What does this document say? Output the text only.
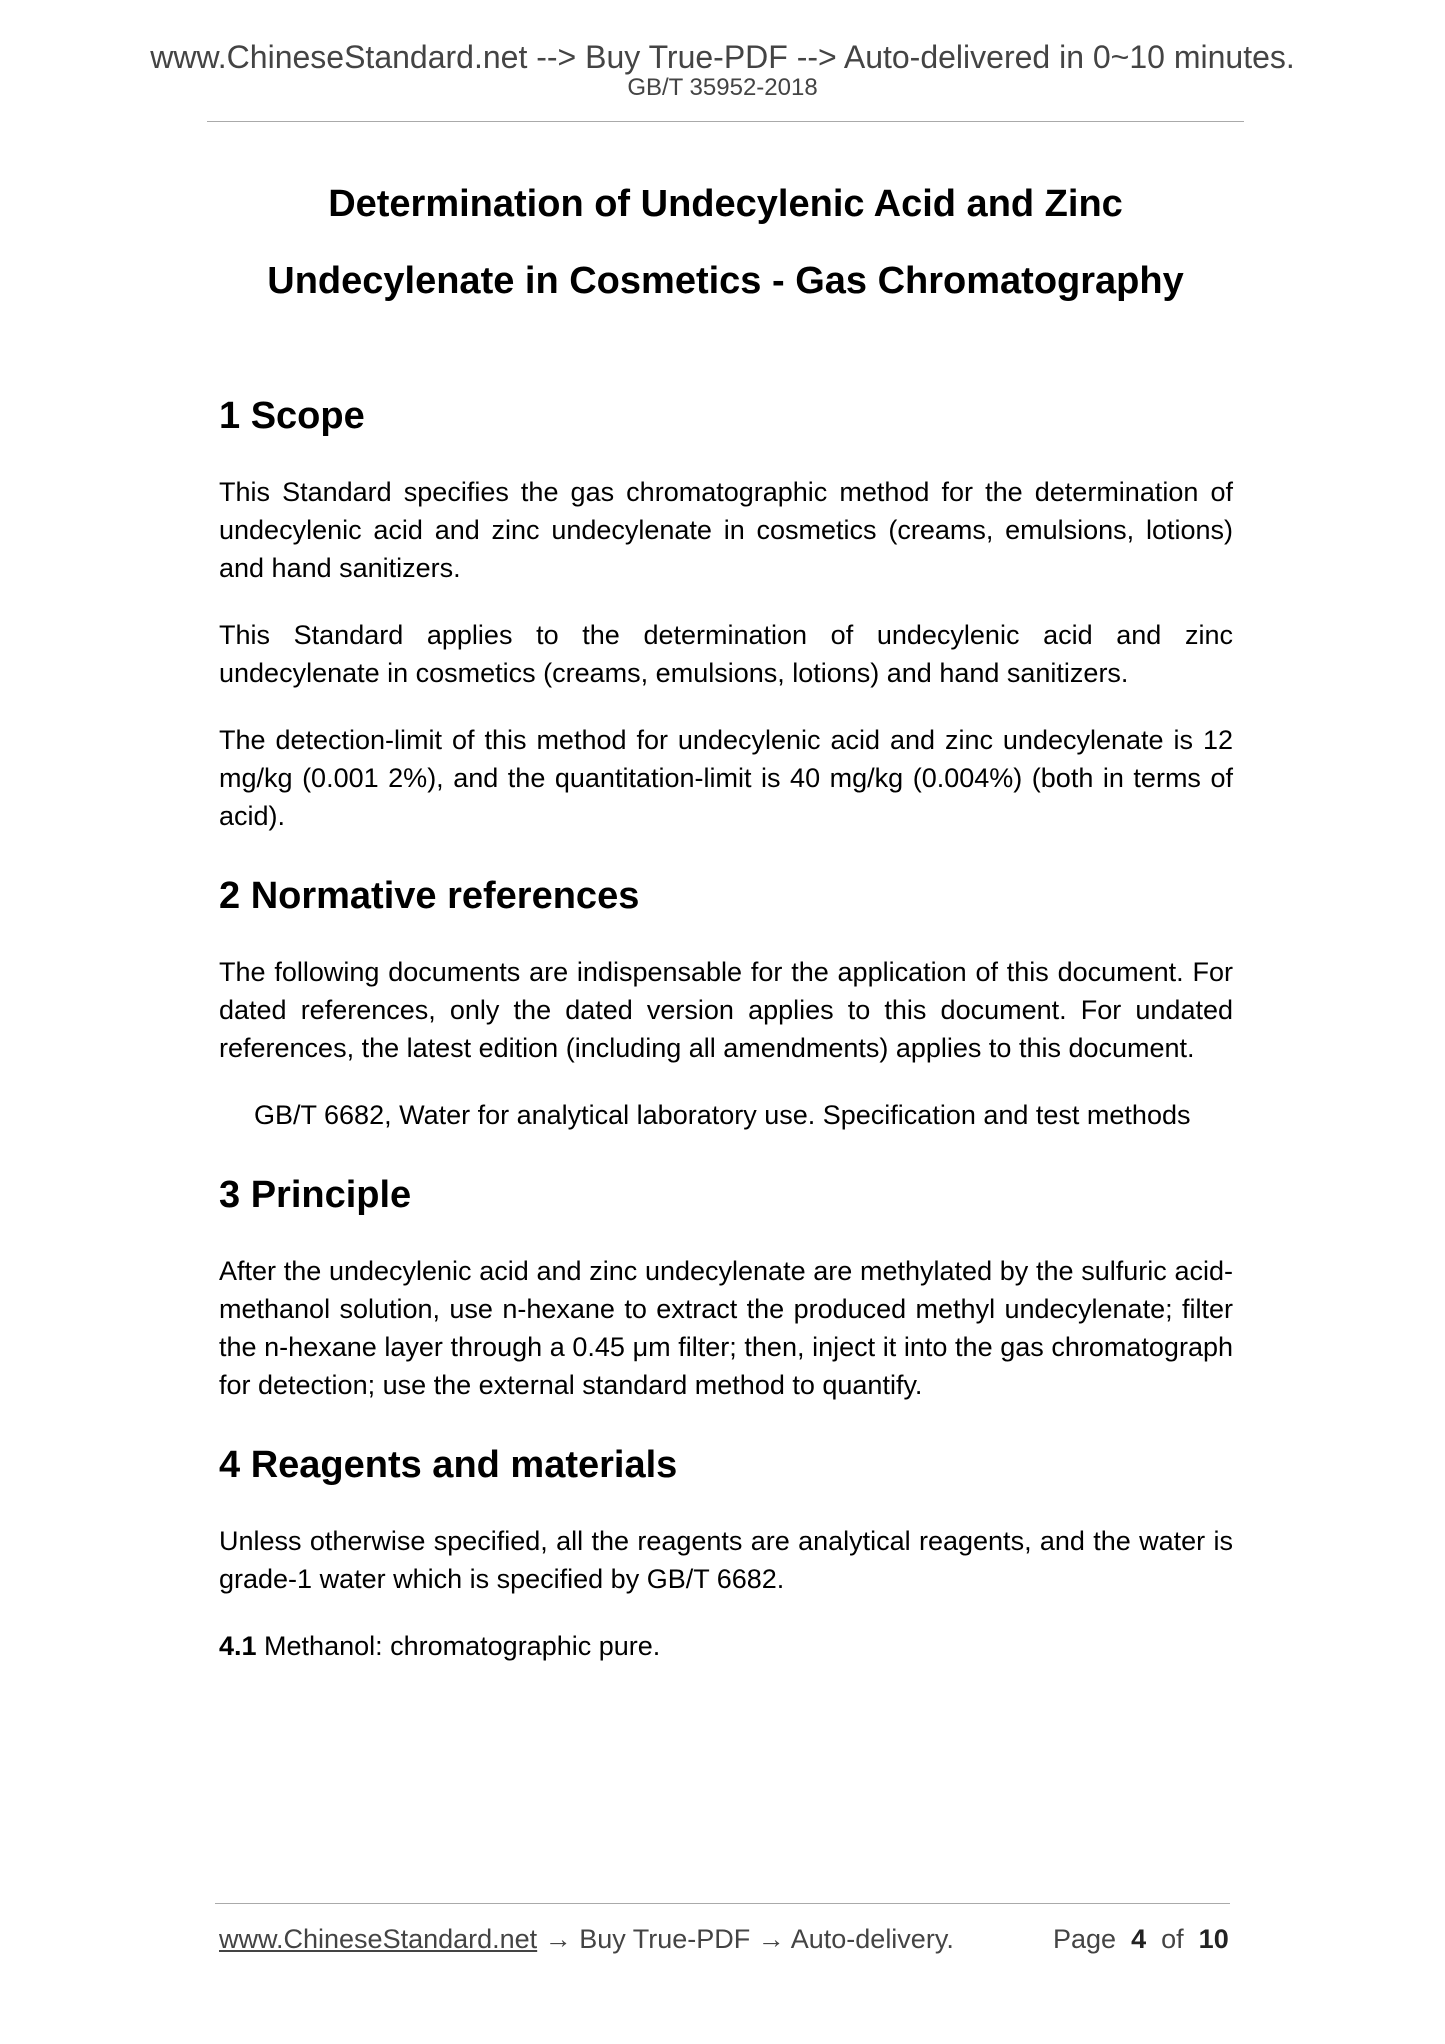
www.ChineseStandard.net --> Buy True-PDF --> Auto-delivered in 0~10 minutes.
GB/T 35952-2018
Determination of Undecylenic Acid and Zinc
Undecylenate in Cosmetics - Gas Chromatography
1 Scope

This Standard specifies the gas chromatographic method for the determination of undecylenic acid and zinc undecylenate in cosmetics (creams, emulsions, lotions) and hand sanitizers.

This Standard applies to the determination of undecylenic acid and zinc undecylenate in cosmetics (creams, emulsions, lotions) and hand sanitizers.

The detection-limit of this method for undecylenic acid and zinc undecylenate is 12 mg/kg (0.001 2%), and the quantitation-limit is 40 mg/kg (0.004%) (both in terms of acid).

2 Normative references

The following documents are indispensable for the application of this document. For dated references, only the dated version applies to this document. For undated references, the latest edition (including all amendments) applies to this document.

GB/T 6682, Water for analytical laboratory use. Specification and test methods

3 Principle

After the undecylenic acid and zinc undecylenate are methylated by the sulfuric acid-methanol solution, use n-hexane to extract the produced methyl undecylenate; filter the n-hexane layer through a 0.45 μm filter; then, inject it into the gas chromatograph for detection; use the external standard method to quantify.

4 Reagents and materials

Unless otherwise specified, all the reagents are analytical reagents, and the water is grade-1 water which is specified by GB/T 6682.

4.1 Methanol: chromatographic pure.

www.ChineseStandard.net → Buy True-PDF → Auto-delivery.	Page 4 of 10
